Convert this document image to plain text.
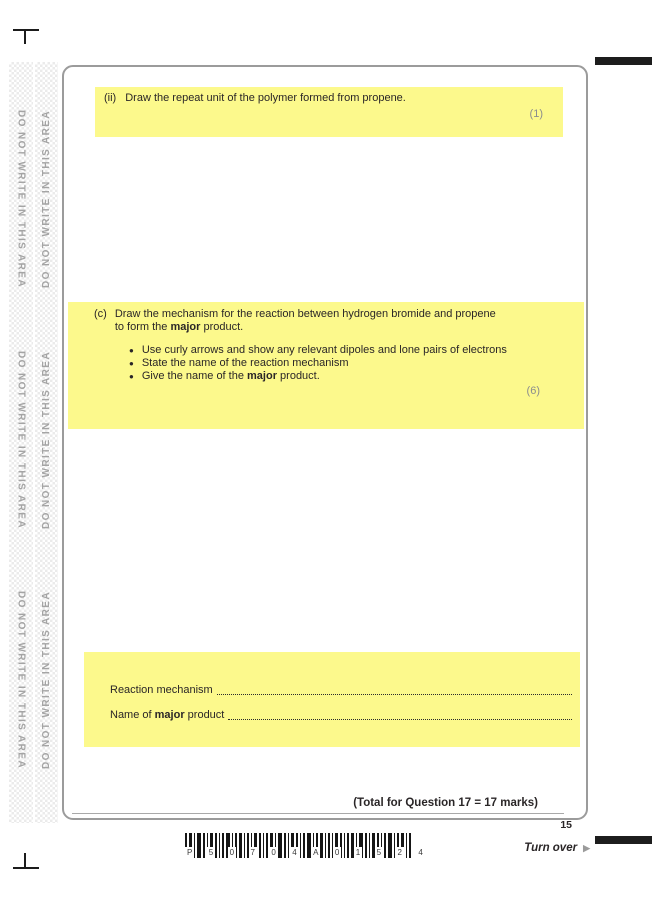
DO NOT WRITE IN THIS AREA
DO NOT WRITE IN THIS AREA
DO NOT WRITE IN THIS AREA
DO NOT WRITE IN THIS AREA
DO NOT WRITE IN THIS AREA
DO NOT WRITE IN THIS AREA
(ii) Draw the repeat unit of the polymer formed from propene.
(1)
(c) Draw the mechanism for the reaction between hydrogen bromide and propene
to form the major product.
● Use curly arrows and show any relevant dipoles and lone pairs of electrons
● State the name of the reaction mechanism
● Give the name of the major product.
(6)
Reaction mechanism
Name of major product
(Total for Question 17 = 17 marks)
P 5 0 7 0 4 A 0 1 5 2 4
15
Turn over ▶
